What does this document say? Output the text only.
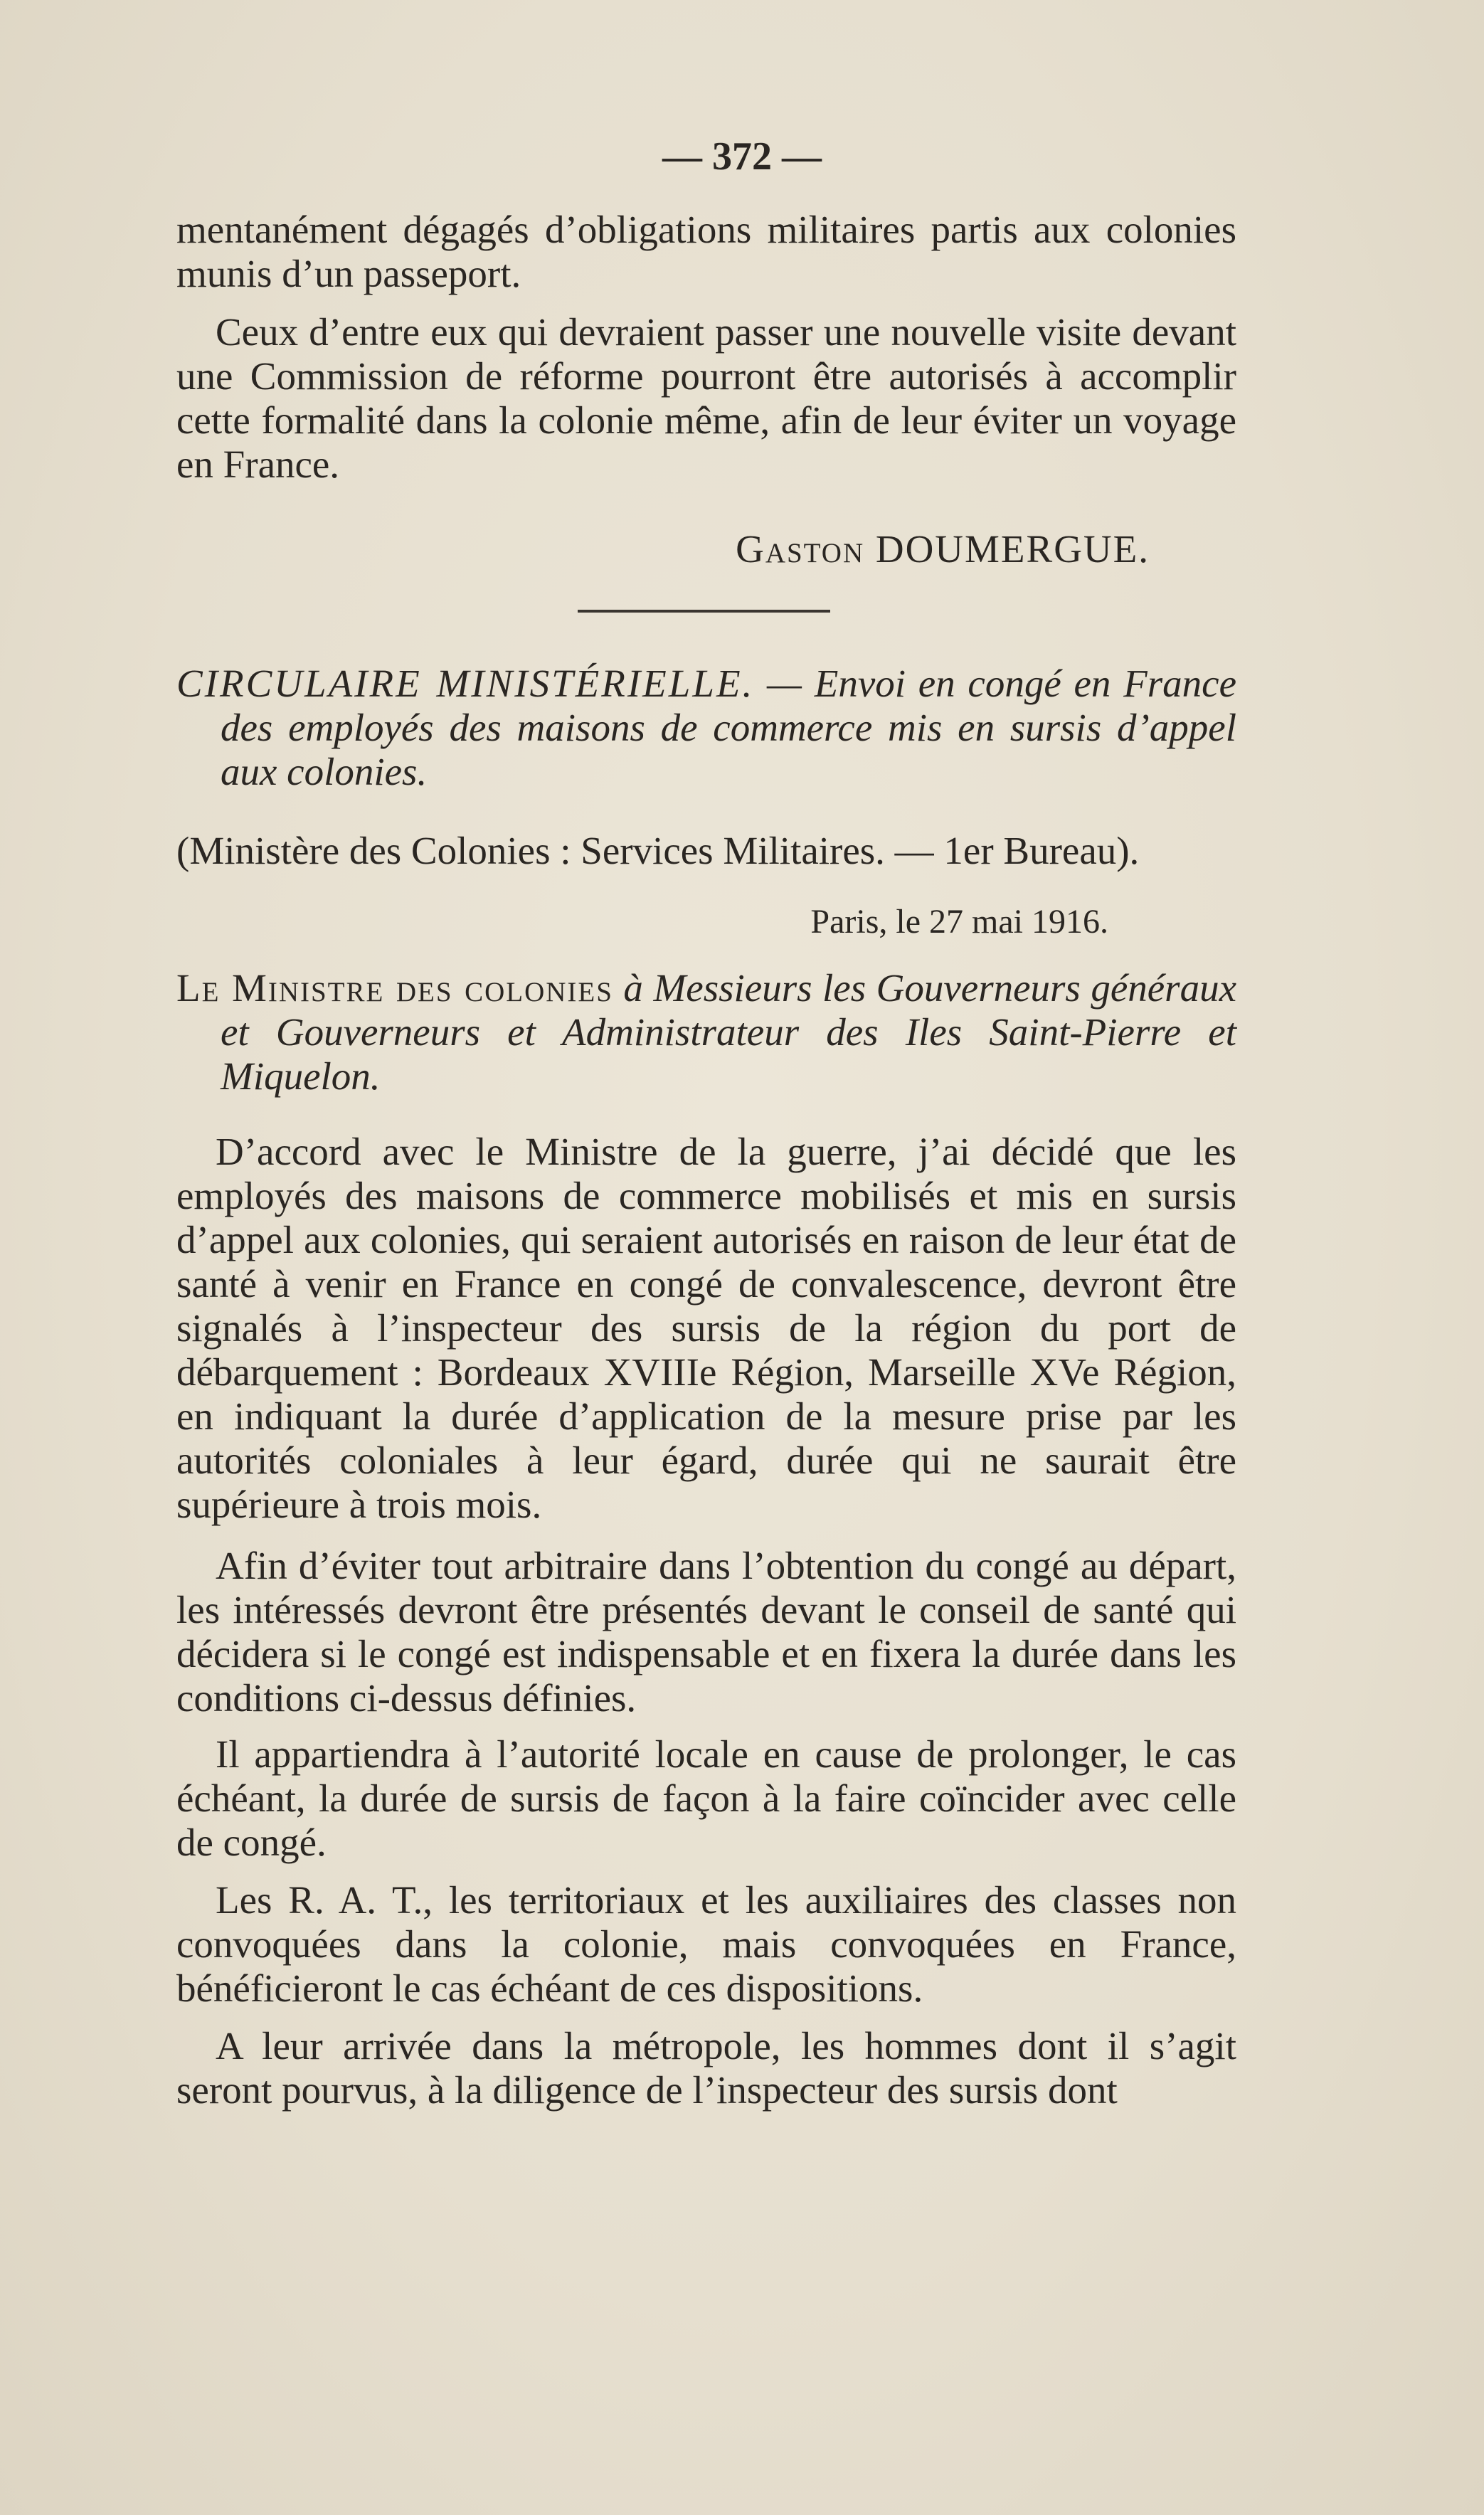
— 372 —

mentanément dégagés d’obligations militaires partis aux colonies munis d’un passeport.

Ceux d’entre eux qui devraient passer une nouvelle visite devant une Commission de réforme pourront être autorisés à accomplir cette formalité dans la colonie même, afin de leur éviter un voyage en France.

Gaston DOUMERGUE.

CIRCULAIRE MINISTÉRIELLE. — Envoi en congé en France des employés des maisons de commerce mis en sursis d’appel aux colonies.

(Ministère des Colonies : Services Militaires. — 1er Bureau).

Paris, le 27 mai 1916.

Le Ministre des colonies à Messieurs les Gouverneurs généraux et Gouverneurs et Administrateur des Iles Saint-Pierre et Miquelon.

D’accord avec le Ministre de la guerre, j’ai décidé que les employés des maisons de commerce mobilisés et mis en sursis d’appel aux colonies, qui seraient autorisés en raison de leur état de santé à venir en France en congé de convalescence, devront être signalés à l’inspecteur des sursis de la région du port de débarquement : Bordeaux XVIIIe Région, Marseille XVe Région, en indiquant la durée d’application de la mesure prise par les autorités coloniales à leur égard, durée qui ne saurait être supérieure à trois mois.

Afin d’éviter tout arbitraire dans l’obtention du congé au départ, les intéressés devront être présentés devant le conseil de santé qui décidera si le congé est indispensable et en fixera la durée dans les conditions ci-dessus définies.

Il appartiendra à l’autorité locale en cause de prolonger, le cas échéant, la durée de sursis de façon à la faire coïncider avec celle de congé.

Les R. A. T., les territoriaux et les auxiliaires des classes non convoquées dans la colonie, mais convoquées en France, bénéficieront le cas échéant de ces dispositions.

A leur arrivée dans la métropole, les hommes dont il s’agit seront pourvus, à la diligence de l’inspecteur des sursis dont
